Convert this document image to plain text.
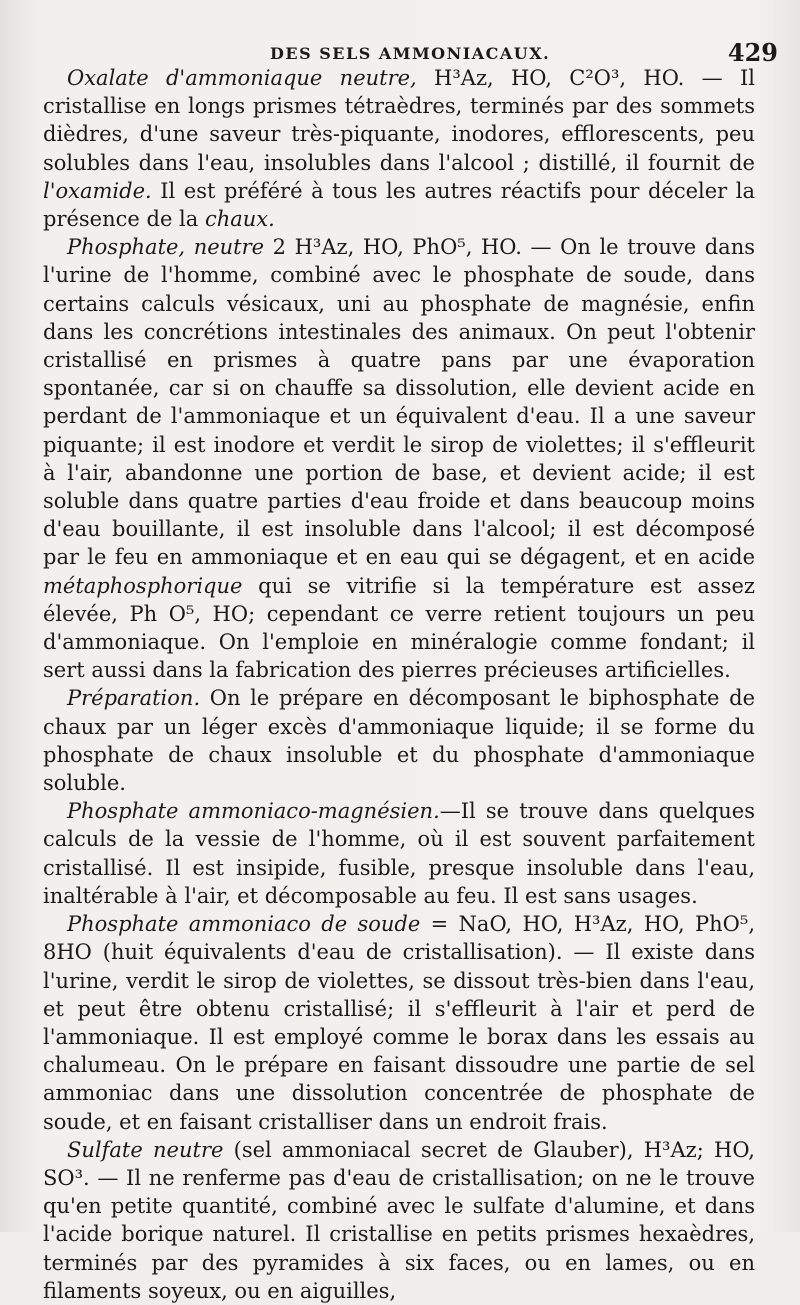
DES SELS AMMONIACAUX.	429

Oxalate d'ammoniaque neutre, H³Az, HO, C²O³, HO. — Il cristallise en longs prismes tétraèdres, terminés par des sommets dièdres, d'une saveur très-piquante, inodores, efflorescents, peu solubles dans l'eau, insolubles dans l'alcool ; distillé, il fournit de l'oxamide. Il est préféré à tous les autres réactifs pour déceler la présence de la chaux.

Phosphate, neutre 2 H³Az, HO, PhO⁵, HO. — On le trouve dans l'urine de l'homme, combiné avec le phosphate de soude, dans certains calculs vésicaux, uni au phosphate de magnésie, enfin dans les concrétions intestinales des animaux. On peut l'obtenir cristallisé en prismes à quatre pans par une évaporation spontanée, car si on chauffe sa dissolution, elle devient acide en perdant de l'ammoniaque et un équivalent d'eau. Il a une saveur piquante; il est inodore et verdit le sirop de violettes; il s'effleurit à l'air, abandonne une portion de base, et devient acide; il est soluble dans quatre parties d'eau froide et dans beaucoup moins d'eau bouillante, il est insoluble dans l'alcool; il est décomposé par le feu en ammoniaque et en eau qui se dégagent, et en acide métaphosphorique qui se vitrifie si la température est assez élevée, Ph O⁵, HO; cependant ce verre retient toujours un peu d'ammoniaque. On l'emploie en minéralogie comme fondant; il sert aussi dans la fabrication des pierres précieuses artificielles.

Préparation. On le prépare en décomposant le biphosphate de chaux par un léger excès d'ammoniaque liquide; il se forme du phosphate de chaux insoluble et du phosphate d'ammoniaque soluble.

Phosphate ammoniaco-magnésien.—Il se trouve dans quelques calculs de la vessie de l'homme, où il est souvent parfaitement cristallisé. Il est insipide, fusible, presque insoluble dans l'eau, inaltérable à l'air, et décomposable au feu. Il est sans usages.

Phosphate ammoniaco de soude = NaO, HO, H³Az, HO, PhO⁵, 8HO (huit équivalents d'eau de cristallisation). — Il existe dans l'urine, verdit le sirop de violettes, se dissout très-bien dans l'eau, et peut être obtenu cristallisé; il s'effleurit à l'air et perd de l'ammoniaque. Il est employé comme le borax dans les essais au chalumeau. On le prépare en faisant dissoudre une partie de sel ammoniac dans une dissolution concentrée de phosphate de soude, et en faisant cristalliser dans un endroit frais.

Sulfate neutre (sel ammoniacal secret de Glauber), H³Az; HO, SO³. — Il ne renferme pas d'eau de cristallisation; on ne le trouve qu'en petite quantité, combiné avec le sulfate d'alumine, et dans l'acide borique naturel. Il cristallise en petits prismes hexaèdres, terminés par des pyramides à six faces, ou en lames, ou en filaments soyeux, ou en aiguilles,
